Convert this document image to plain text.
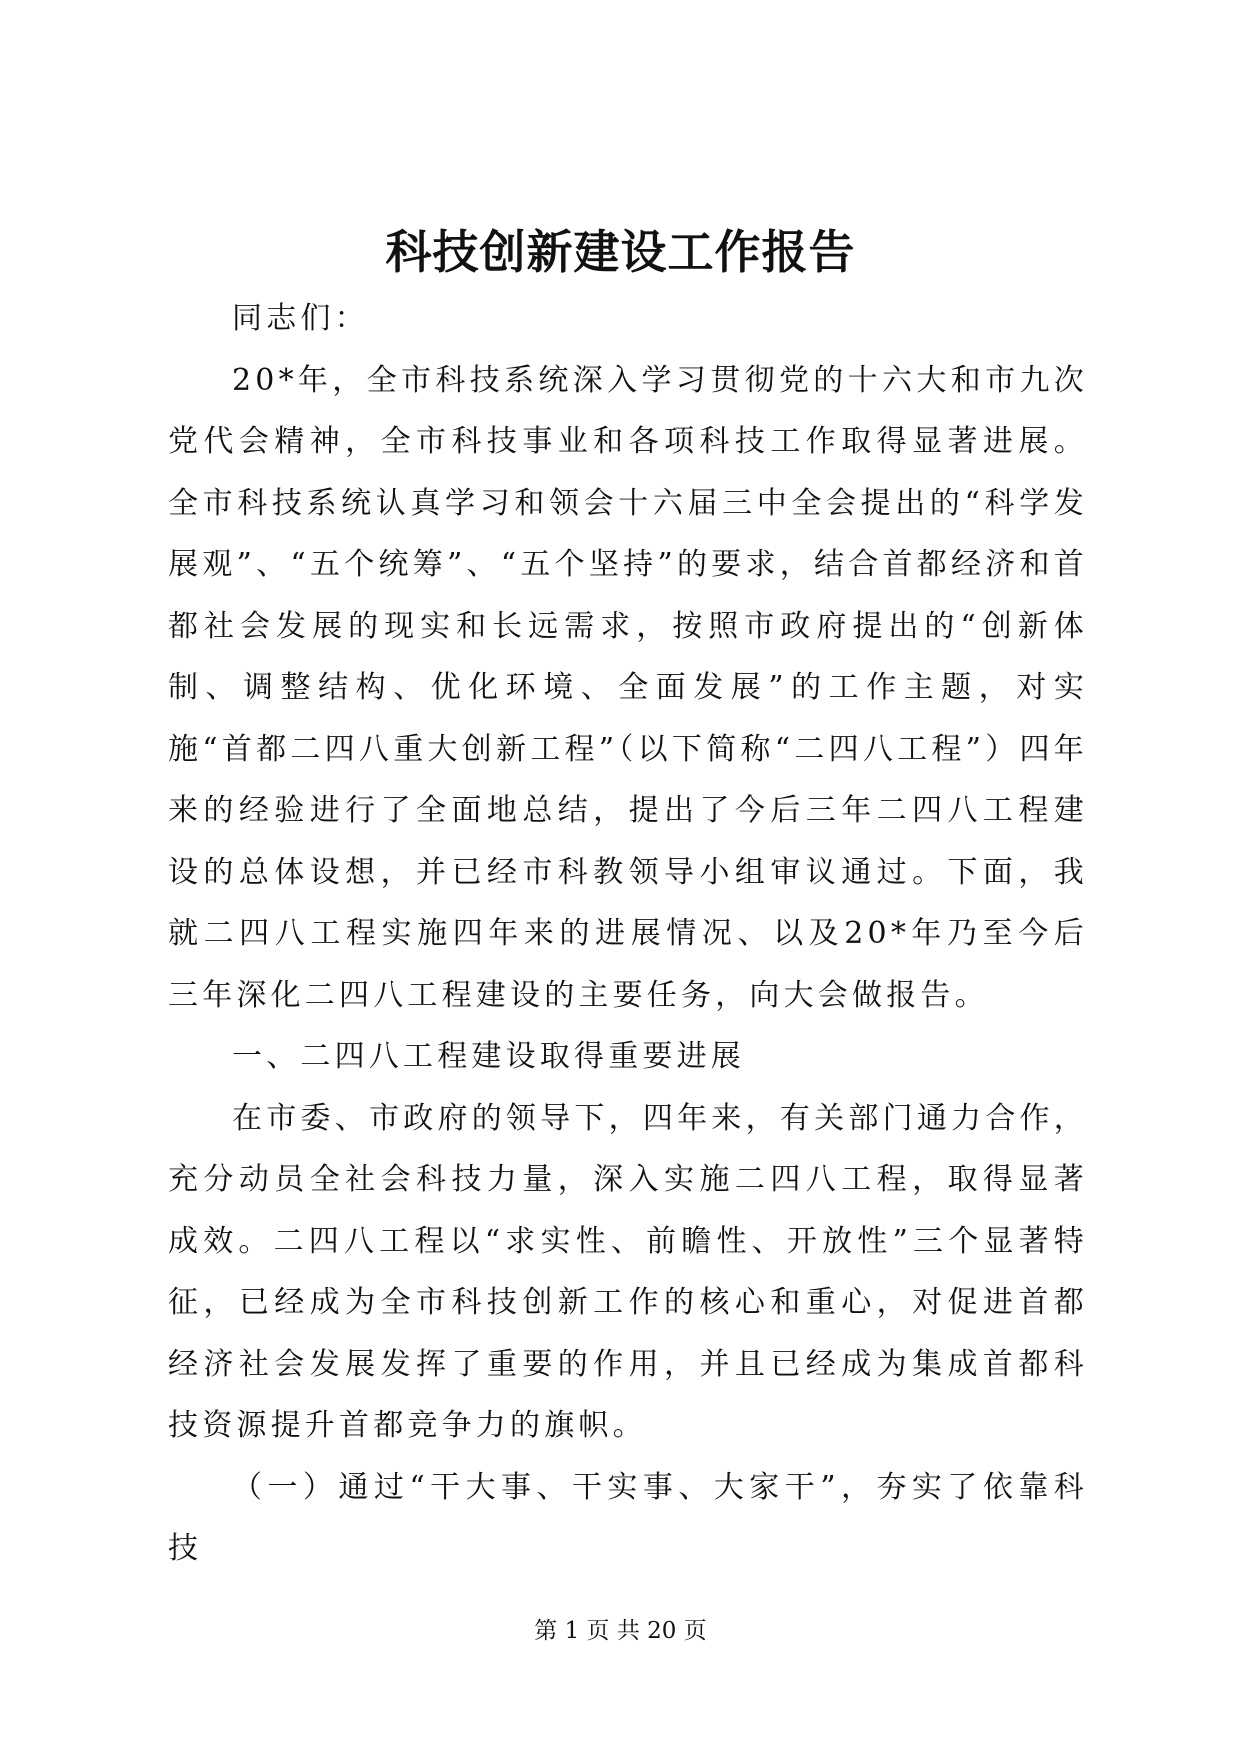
科技创新建设工作报告

同志们：

20*年，全市科技系统深入学习贯彻党的十六大和市九次党代会精神，全市科技事业和各项科技工作取得显著进展。全市科技系统认真学习和领会十六届三中全会提出的“科学发展观”、“五个统筹”、“五个坚持”的要求，结合首都经济和首都社会发展的现实和长远需求，按照市政府提出的“创新体制、调整结构、优化环境、全面发展”的工作主题，对实施“首都二四八重大创新工程”（以下简称“二四八工程”）四年来的经验进行了全面地总结，提出了今后三年二四八工程建设的总体设想，并已经市科教领导小组审议通过。下面，我就二四八工程实施四年来的进展情况、以及20*年乃至今后三年深化二四八工程建设的主要任务，向大会做报告。

一、二四八工程建设取得重要进展

在市委、市政府的领导下，四年来，有关部门通力合作，充分动员全社会科技力量，深入实施二四八工程，取得显著成效。二四八工程以“求实性、前瞻性、开放性”三个显著特征，已经成为全市科技创新工作的核心和重心，对促进首都经济社会发展发挥了重要的作用，并且已经成为集成首都科技资源提升首都竞争力的旗帜。

（一）通过“干大事、干实事、大家干”，夯实了依靠科技

第 1 页 共 20 页
